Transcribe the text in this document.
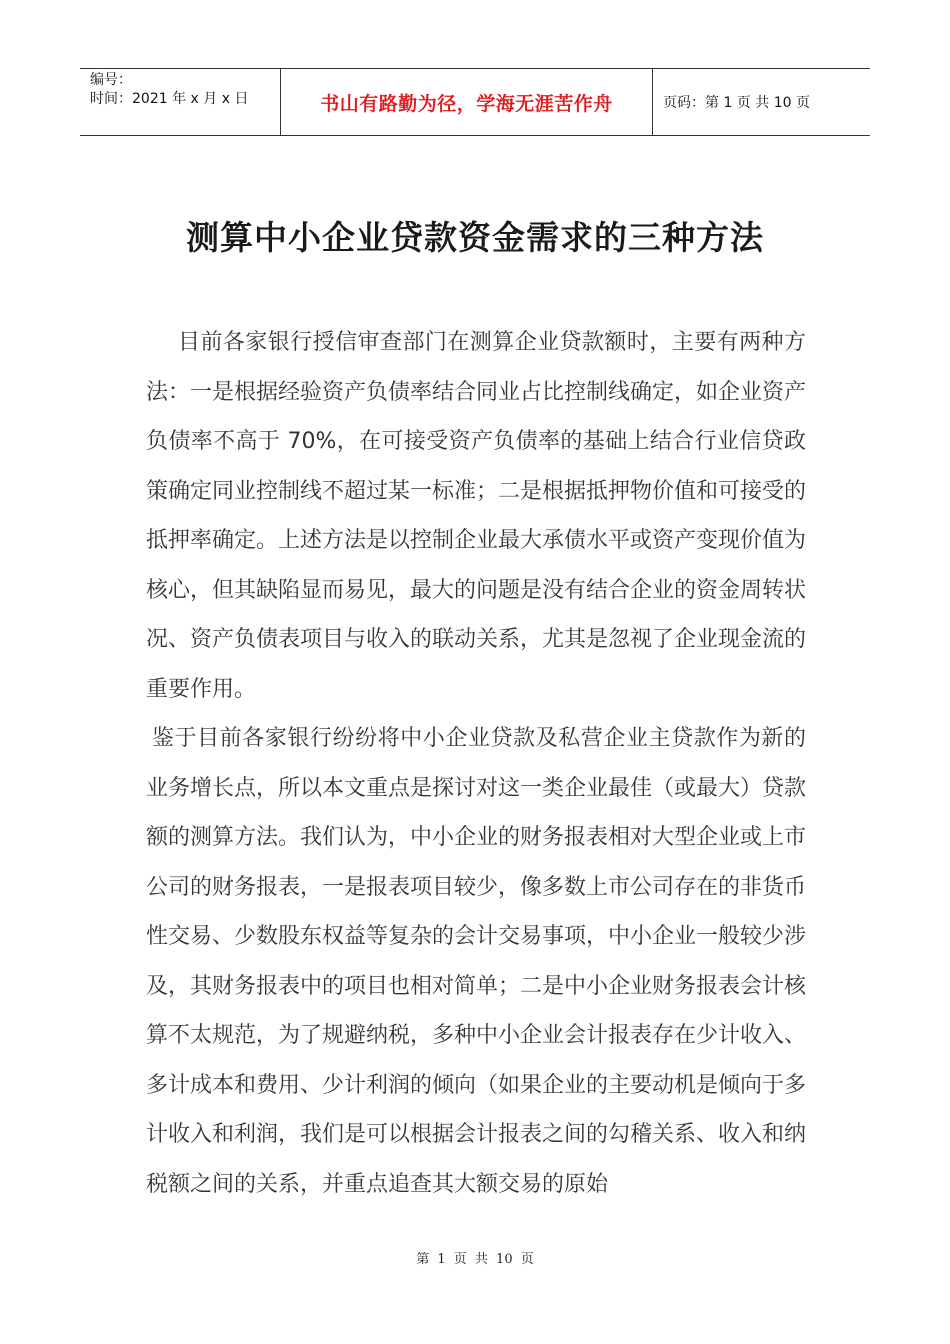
编号：
时间：2021 年 x 月 x 日	书山有路勤为径，学海无涯苦作舟	页码：第 1 页 共 10 页
测算中小企业贷款资金需求的三种方法

目前各家银行授信审查部门在测算企业贷款额时，主要有两种方法：一是根据经验资产负债率结合同业占比控制线确定，如企业资产负债率不高于 70%，在可接受资产负债率的基础上结合行业信贷政策确定同业控制线不超过某一标准；二是根据抵押物价值和可接受的抵押率确定。上述方法是以控制企业最大承债水平或资产变现价值为核心，但其缺陷显而易见，最大的问题是没有结合企业的资金周转状况、资产负债表项目与收入的联动关系，尤其是忽视了企业现金流的重要作用。

鉴于目前各家银行纷纷将中小企业贷款及私营企业主贷款作为新的业务增长点，所以本文重点是探讨对这一类企业最佳（或最大）贷款额的测算方法。我们认为，中小企业的财务报表相对大型企业或上市公司的财务报表，一是报表项目较少，像多数上市公司存在的非货币性交易、少数股东权益等复杂的会计交易事项，中小企业一般较少涉及，其财务报表中的项目也相对简单；二是中小企业财务报表会计核算不太规范，为了规避纳税，多种中小企业会计报表存在少计收入、多计成本和费用、少计利润的倾向（如果企业的主要动机是倾向于多计收入和利润，我们是可以根据会计报表之间的勾稽关系、收入和纳税额之间的关系，并重点追查其大额交易的原始

第 1 页 共 10 页
